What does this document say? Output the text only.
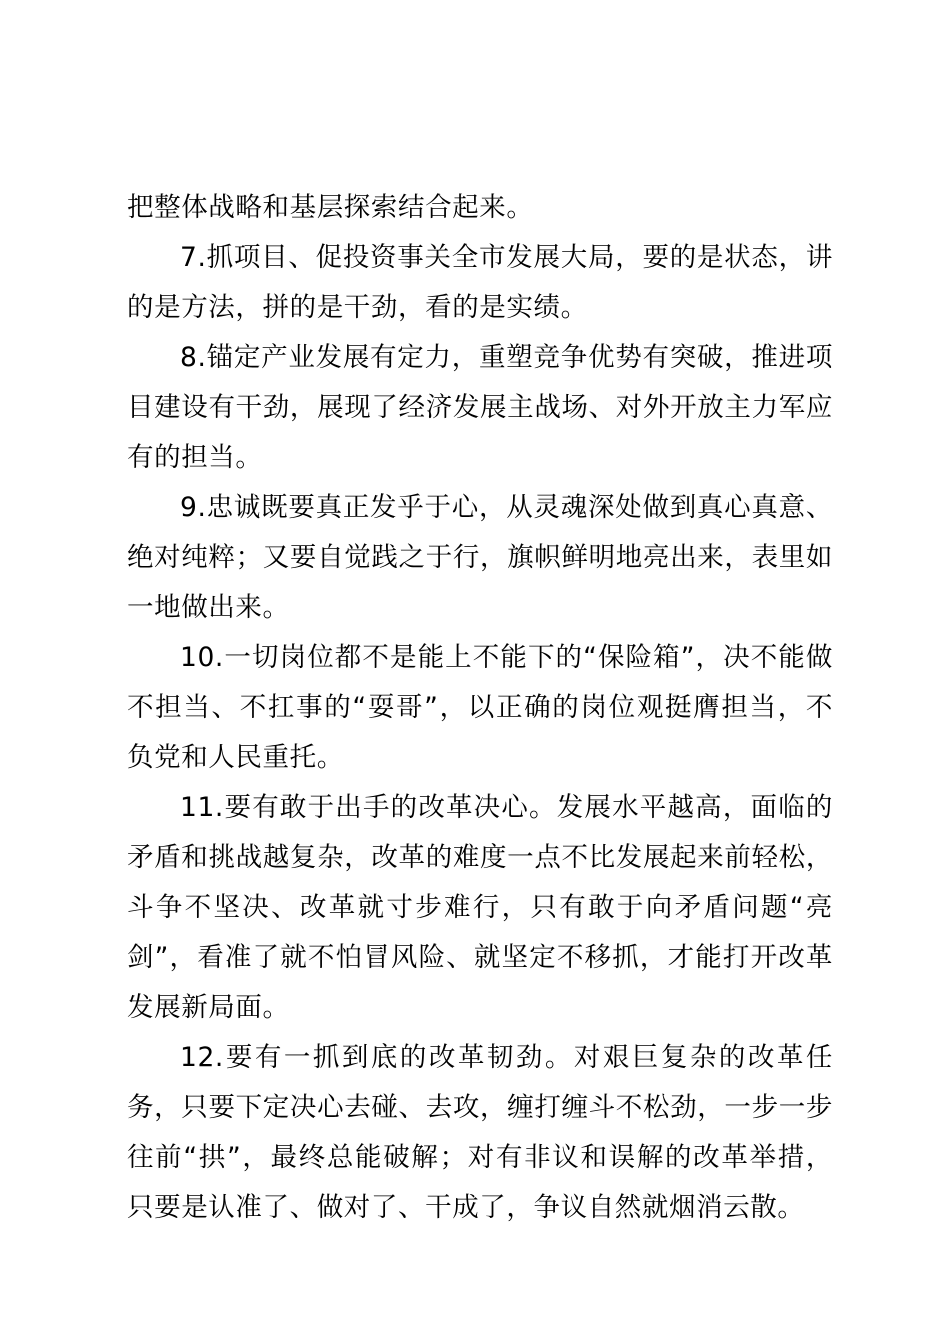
把整体战略和基层探索结合起来。

7.抓项目、促投资事关全市发展大局，要的是状态，讲的是方法，拼的是干劲，看的是实绩。

8.锚定产业发展有定力，重塑竞争优势有突破，推进项目建设有干劲，展现了经济发展主战场、对外开放主力军应有的担当。

9.忠诚既要真正发乎于心，从灵魂深处做到真心真意、绝对纯粹；又要自觉践之于行，旗帜鲜明地亮出来，表里如一地做出来。

10.一切岗位都不是能上不能下的“保险箱”，决不能做不担当、不扛事的“耍哥”，以正确的岗位观挺膺担当，不负党和人民重托。

11.要有敢于出手的改革决心。发展水平越高，面临的矛盾和挑战越复杂，改革的难度一点不比发展起来前轻松，斗争不坚决、改革就寸步难行，只有敢于向矛盾问题“亮剑”，看准了就不怕冒风险、就坚定不移抓，才能打开改革发展新局面。

12.要有一抓到底的改革韧劲。对艰巨复杂的改革任务，只要下定决心去碰、去攻，缠打缠斗不松劲，一步一步往前“拱”，最终总能破解；对有非议和误解的改革举措，只要是认准了、做对了、干成了，争议自然就烟消云散。
